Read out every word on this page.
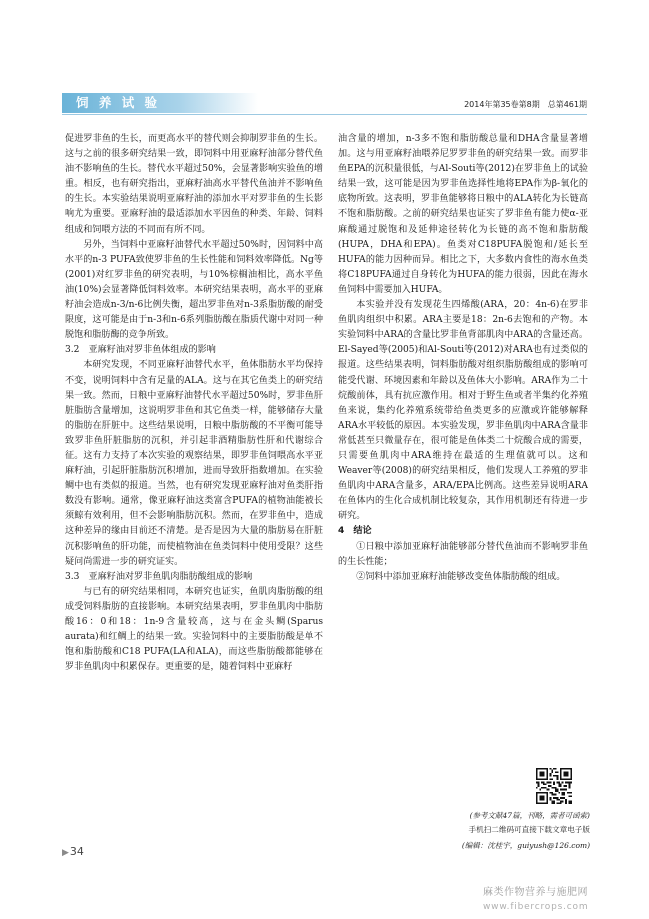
饲 养 试 验	2014年第35卷第8期　总第461期

促进罗非鱼的生长，而更高水平的替代则会抑制罗非鱼的生长。这与之前的很多研究结果一致，即饲料中用亚麻籽油部分替代鱼油不影响鱼的生长。替代水平超过50%，会显著影响实验鱼的增重。相反，也有研究指出，亚麻籽油高水平替代鱼油并不影响鱼的生长。本实验结果说明亚麻籽油的添加水平对罗非鱼的生长影响尤为重要。亚麻籽油的最适添加水平因鱼的种类、年龄、饲料组成和饲喂方法的不同而有所不同。

另外，当饲料中亚麻籽油替代水平超过50%时，因饲料中高水平的n-3 PUFA致使罗非鱼的生长性能和饲料效率降低。Ng等(2001)对红罗非鱼的研究表明，与10%棕榈油相比，高水平鱼油(10%)会显著降低饲料效率。本研究结果表明，高水平的亚麻籽油会造成n-3/n-6比例失衡，超出罗非鱼对n-3系脂肪酸的耐受限度，这可能是由于n-3和n-6系列脂肪酸在脂质代谢中对同一种脱饱和脂肪酶的竞争所致。

3.2　亚麻籽油对罗非鱼体组成的影响

本研究发现，不同亚麻籽油替代水平，鱼体脂肪水平均保持不变，说明饲料中含有足量的ALA。这与在其它鱼类上的研究结果一致。然而，日粮中亚麻籽油替代水平超过50%时，罗非鱼肝脏脂肪含量增加，这说明罗非鱼和其它鱼类一样，能够储存大量的脂肪在肝脏中。这些结果说明，日粮中脂肪酸的不平衡可能导致罗非鱼肝脏脂肪的沉积，并引起非酒精脂肪性肝和代谢综合征。这有力支持了本次实验的观察结果，即罗非鱼饲喂高水平亚麻籽油，引起肝脏脂肪沉积增加，进而导致肝指数增加。在实验鲷中也有类似的报道。当然，也有研究发现亚麻籽油对鱼类肝指数没有影响。通常，像亚麻籽油这类富含PUFA的植物油能被长须鲸有效利用，但不会影响脂肪沉积。然而，在罗非鱼中，造成这种差异的缘由目前还不清楚。是否是因为大量的脂肪易在肝脏沉积影响鱼的肝功能，而使植物油在鱼类饲料中使用受限？这些疑问尚需进一步的研究证实。

3.3　亚麻籽油对罗非鱼肌肉脂肪酸组成的影响

与已有的研究结果相同，本研究也证实，鱼肌肉脂肪酸的组成受饲料脂肪的直接影响。本研究结果表明，罗非鱼肌肉中脂肪酸16：0和18：1n-9含量较高，这与在金头鲷(Sparus aurata)和红鲷上的结果一致。实验饲料中的主要脂肪酸是单不饱和脂肪酸和C18 PUFA(LA和ALA)，而这些脂肪酸都能够在罗非鱼肌肉中积累保存。更重要的是，随着饲料中亚麻籽

油含量的增加，n-3多不饱和脂肪酸总量和DHA含量显著增加。这与用亚麻籽油喂养尼罗罗非鱼的研究结果一致。而罗非鱼EPA的沉积量很低，与Al-Souti等(2012)在罗非鱼上的试验结果一致，这可能是因为罗非鱼选择性地将EPA作为β-氧化的底物所致。这表明，罗非鱼能够将日粮中的ALA转化为长链高不饱和脂肪酸。之前的研究结果也证实了罗非鱼有能力使α-亚麻酸通过脱饱和及延伸途径转化为长链的高不饱和脂肪酸(HUPA，DHA和EPA)。鱼类对C18PUFA脱饱和/延长至HUFA的能力因种而异。相比之下，大多数内食性的海水鱼类将C18PUFA通过自身转化为HUFA的能力很弱，因此在海水鱼饲料中需要加入HUFA。

本实验并没有发现花生四烯酸(ARA，20：4n-6)在罗非鱼肌肉组织中积累。ARA主要是18：2n-6去饱和的产物。本实验饲料中ARA的含量比罗非鱼背部肌肉中ARA的含量还高。El-Sayed等(2005)和Al-Souti等(2012)对ARA也有过类似的报道。这些结果表明，饲料脂肪酸对组织脂肪酸组成的影响可能受代谢、环境因素和年龄以及鱼体大小影响。ARA作为二十烷酸前体，具有抗应激作用。相对于野生鱼或者半集约化养殖鱼来说，集约化养殖系统带给鱼类更多的应激或许能够解释ARA水平较低的原因。本实验发现，罗非鱼肌肉中ARA含量非常低甚至只微量存在，很可能是鱼体类二十烷酸合成的需要，只需要鱼肌肉中ARA维持在最适的生理值就可以。这和Weaver等(2008)的研究结果相反，他们发现人工养殖的罗非鱼肌肉中ARA含量多，ARA/EPA比例高。这些差异说明ARA在鱼体内的生化合成机制比较复杂，其作用机制还有待进一步研究。

4　结论

①日粮中添加亚麻籽油能够部分替代鱼油而不影响罗非鱼的生长性能；

②饲料中添加亚麻籽油能够改变鱼体脂肪酸的组成。

(参考文献47篇，刊略，需者可函索)
手机扫二维码可直接下载文章电子版
(编辑：沈桂宇，guiyush@126.com)
▶34
麻类作物营养与施肥网
www.fibercrops.com
